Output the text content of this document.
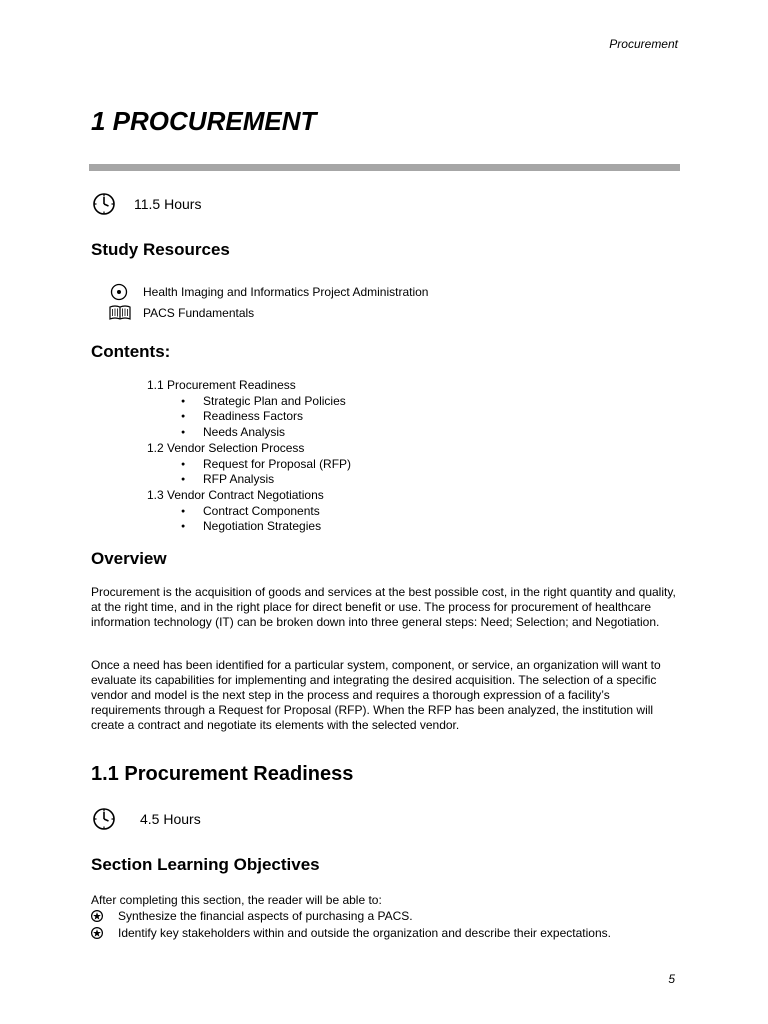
Procurement
1 PROCUREMENT
11.5 Hours
Study Resources
Health Imaging and Informatics Project Administration
PACS Fundamentals
Contents:
1.1 Procurement Readiness
● Strategic Plan and Policies
● Readiness Factors
● Needs Analysis
1.2 Vendor Selection Process
● Request for Proposal (RFP)
● RFP Analysis
1.3 Vendor Contract Negotiations
● Contract Components
● Negotiation Strategies
Overview

Procurement is the acquisition of goods and services at the best possible cost, in the right quantity and quality, at the right time, and in the right place for direct benefit or use. The process for procurement of healthcare information technology (IT) can be broken down into three general steps: Need; Selection; and Negotiation.

Once a need has been identified for a particular system, component, or service, an organization will want to evaluate its capabilities for implementing and integrating the desired acquisition. The selection of a specific vendor and model is the next step in the process and requires a thorough expression of a facility’s requirements through a Request for Proposal (RFP). When the RFP has been analyzed, the institution will create a contract and negotiate its elements with the selected vendor.

1.1 Procurement Readiness
4.5 Hours
Section Learning Objectives
After completing this section, the reader will be able to:
Synthesize the financial aspects of purchasing a PACS.
Identify key stakeholders within and outside the organization and describe their expectations.
5
